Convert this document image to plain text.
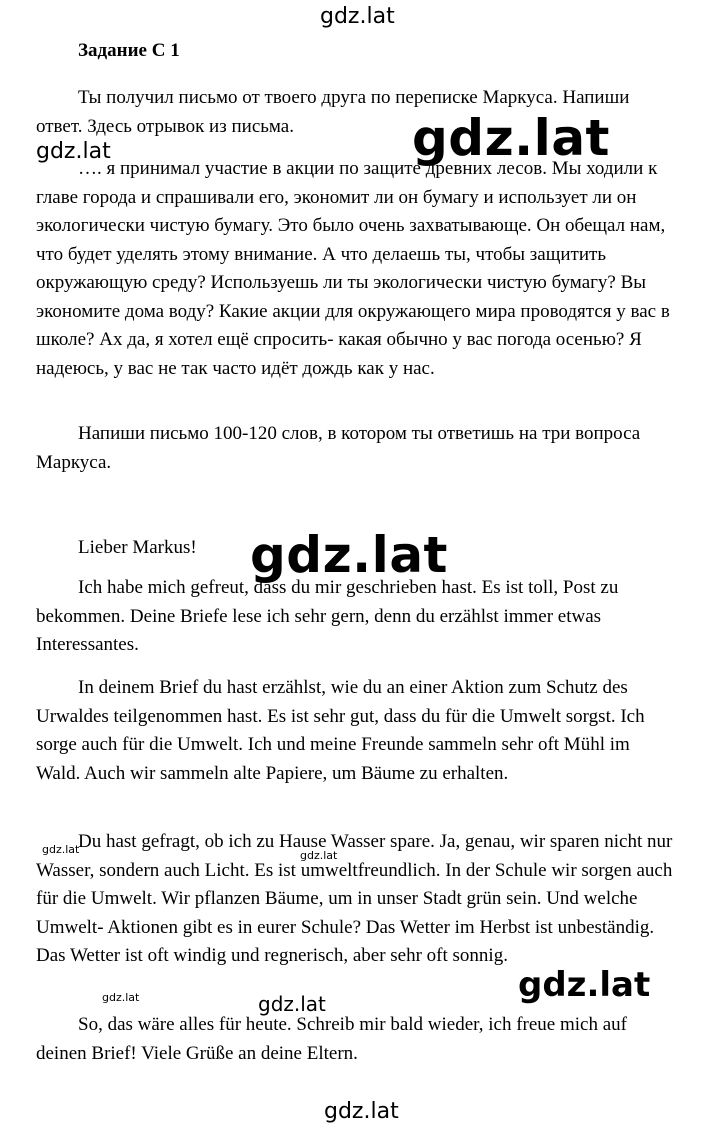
Задание С 1

Ты получил письмо от твоего друга по переписке Маркуса. Напиши ответ. Здесь отрывок из письма.

…. я принимал участие в акции по защите древних лесов. Мы ходили к главе города и спрашивали его, экономит ли он бумагу и использует ли он экологически чистую бумагу. Это было очень захватывающе. Он обещал нам, что будет уделять этому внимание. А что делаешь ты, чтобы защитить окружающую среду? Используешь ли ты экологически чистую бумагу? Вы экономите дома воду? Какие акции для окружающего мира проводятся у вас в школе? Ах да, я хотел ещё спросить- какая обычно у вас погода осенью? Я надеюсь, у вас не так часто идёт дождь как у нас.

Напиши письмо 100-120 слов, в котором ты ответишь на три вопроса Маркуса.

Lieber Markus!

Ich habe mich gefreut, dass du mir geschrieben hast. Es ist toll, Post zu bekommen. Deine Briefe lese ich sehr gern, denn du erzählst immer etwas Interessantes.

In deinem Brief du hast erzählst, wie du an einer Aktion zum Schutz des Urwaldes teilgenommen hast. Es ist sehr gut, dass du für die Umwelt sorgst. Ich sorge auch für die Umwelt. Ich und meine Freunde sammeln sehr oft Mühl im Wald. Auch wir sammeln alte Papiere, um Bäume zu erhalten.

Du hast gefragt, ob ich zu Hause Wasser spare. Ja, genau, wir sparen nicht nur Wasser, sondern auch Licht. Es ist umweltfreundlich. In der Schule wir sorgen auch für die Umwelt. Wir pflanzen Bäume, um in unser Stadt grün sein. Und welche Umwelt- Aktionen gibt es in eurer Schule? Das Wetter im Herbst ist unbeständig. Das Wetter ist oft windig und regnerisch, aber sehr oft sonnig.

So, das wäre alles für heute. Schreib mir bald wieder, ich freue mich auf deinen Brief! Viele Grüße an deine Eltern.

gdz.lat
gdz.lat
gdz.lat
gdz.lat
gdz.lat	gdz.lat
gdz.lat
gdz.lat	gdz.lat
gdz.lat
